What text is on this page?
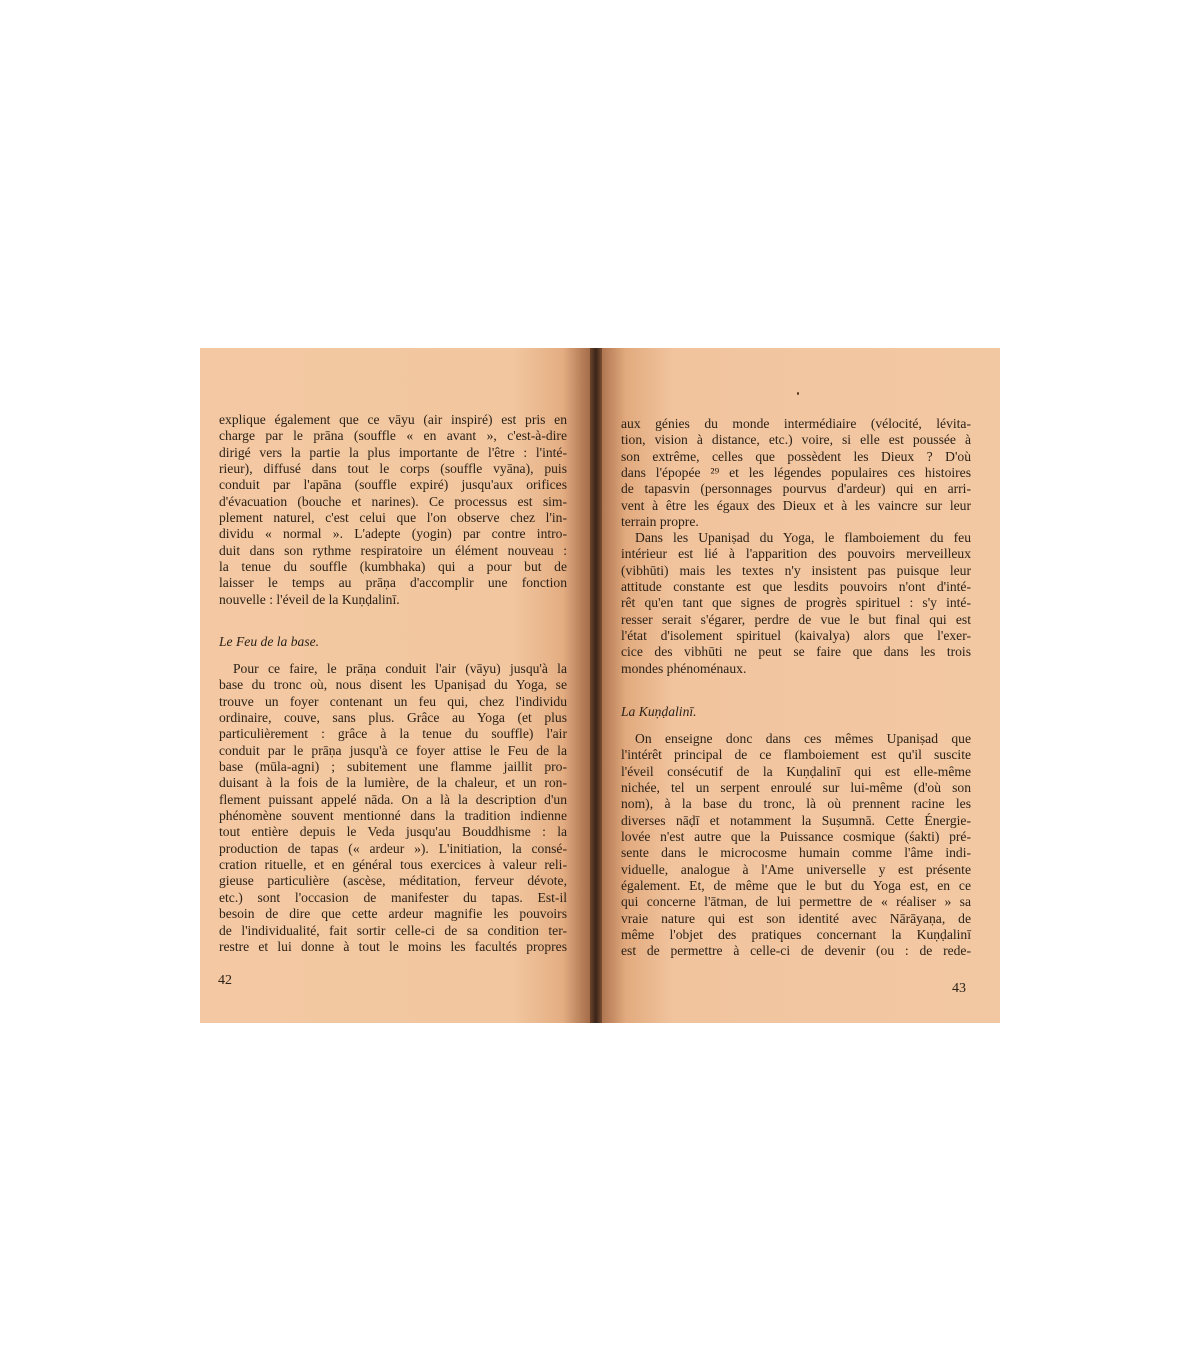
explique également que ce vāyu (air inspiré) est pris en
charge par le prāna (souffle « en avant », c'est-à-dire
dirigé vers la partie la plus importante de l'être : l'inté-
rieur), diffusé dans tout le corps (souffle vyāna), puis
conduit par l'apāna (souffle expiré) jusqu'aux orifices
d'évacuation (bouche et narines). Ce processus est sim-
plement naturel, c'est celui que l'on observe chez l'in-
dividu « normal ». L'adepte (yogin) par contre intro-
duit dans son rythme respiratoire un élément nouveau :
la tenue du souffle (kumbhaka) qui a pour but de
laisser le temps au prāṇa d'accomplir une fonction
nouvelle : l'éveil de la Kuṇḍalinī.
Le Feu de la base.
Pour ce faire, le prāṇa conduit l'air (vāyu) jusqu'à la
base du tronc où, nous disent les Upaniṣad du Yoga, se
trouve un foyer contenant un feu qui, chez l'individu
ordinaire, couve, sans plus. Grâce au Yoga (et plus
particulièrement : grâce à la tenue du souffle) l'air
conduit par le prāṇa jusqu'à ce foyer attise le Feu de la
base (mūla-agni) ; subitement une flamme jaillit pro-
duisant à la fois de la lumière, de la chaleur, et un ron-
flement puissant appelé nāda. On a là la description d'un
phénomène souvent mentionné dans la tradition indienne
tout entière depuis le Veda jusqu'au Bouddhisme : la
production de tapas (« ardeur »). L'initiation, la consé-
cration rituelle, et en général tous exercices à valeur reli-
gieuse particulière (ascèse, méditation, ferveur dévote,
etc.) sont l'occasion de manifester du tapas. Est-il
besoin de dire que cette ardeur magnifie les pouvoirs
de l'individualité, fait sortir celle-ci de sa condition ter-
restre et lui donne à tout le moins les facultés propres
42
aux génies du monde intermédiaire (vélocité, lévita-
tion, vision à distance, etc.) voire, si elle est poussée à
son extrême, celles que possèdent les Dieux ? D'où
dans l'épopée ²⁹ et les légendes populaires ces histoires
de tapasvin (personnages pourvus d'ardeur) qui en arri-
vent à être les égaux des Dieux et à les vaincre sur leur
terrain propre.
Dans les Upaniṣad du Yoga, le flamboiement du feu
intérieur est lié à l'apparition des pouvoirs merveilleux
(vibhūti) mais les textes n'y insistent pas puisque leur
attitude constante est que lesdits pouvoirs n'ont d'inté-
rêt qu'en tant que signes de progrès spirituel : s'y inté-
resser serait s'égarer, perdre de vue le but final qui est
l'état d'isolement spirituel (kaivalya) alors que l'exer-
cice des vibhūti ne peut se faire que dans les trois
mondes phénoménaux.
La Kuṇḍalinī.
On enseigne donc dans ces mêmes Upaniṣad que
l'intérêt principal de ce flamboiement est qu'il suscite
l'éveil consécutif de la Kuṇḍalinī qui est elle-même
nichée, tel un serpent enroulé sur lui-même (d'où son
nom), à la base du tronc, là où prennent racine les
diverses nāḍī et notamment la Suṣumnā. Cette Énergie-
lovée n'est autre que la Puissance cosmique (śakti) pré-
sente dans le microcosme humain comme l'âme indi-
viduelle, analogue à l'Ame universelle y est présente
également. Et, de même que le but du Yoga est, en ce
qui concerne l'ātman, de lui permettre de « réaliser » sa
vraie nature qui est son identité avec Nārāyaṇa, de
même l'objet des pratiques concernant la Kuṇḍalinī
est de permettre à celle-ci de devenir (ou : de rede-
43
